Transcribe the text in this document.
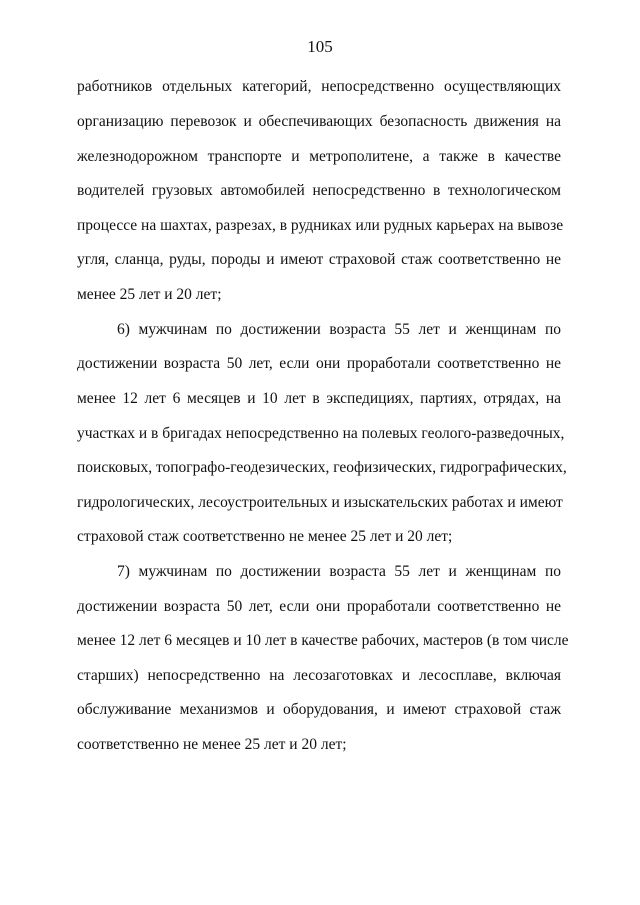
105
работников отдельных категорий, непосредственно осуществляющих
организацию перевозок и обеспечивающих безопасность движения на
железнодорожном транспорте и метрополитене, а также в качестве
водителей грузовых автомобилей непосредственно в технологическом
процессе на шахтах, разрезах, в рудниках или рудных карьерах на вывозе
угля, сланца, руды, породы и имеют страховой стаж соответственно не
менее 25 лет и 20 лет;
6) мужчинам по достижении возраста 55 лет и женщинам по
достижении возраста 50 лет, если они проработали соответственно не
менее 12 лет 6 месяцев и 10 лет в экспедициях, партиях, отрядах, на
участках и в бригадах непосредственно на полевых геолого-разведочных,
поисковых, топографо-геодезических, геофизических, гидрографических,
гидрологических, лесоустроительных и изыскательских работах и имеют
страховой стаж соответственно не менее 25 лет и 20 лет;
7) мужчинам по достижении возраста 55 лет и женщинам по
достижении возраста 50 лет, если они проработали соответственно не
менее 12 лет 6 месяцев и 10 лет в качестве рабочих, мастеров (в том числе
старших) непосредственно на лесозаготовках и лесосплаве, включая
обслуживание механизмов и оборудования, и имеют страховой стаж
соответственно не менее 25 лет и 20 лет;
